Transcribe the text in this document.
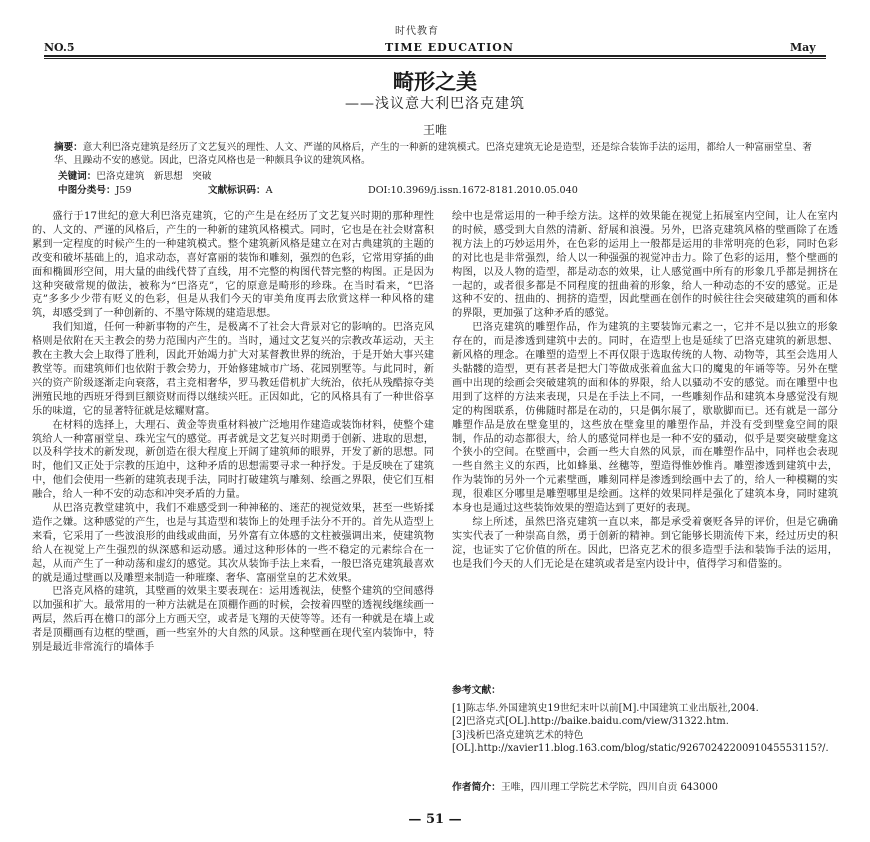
时代教育
NO.5	TIME EDUCATION	May
畸形之美
——浅议意大利巴洛克建筑
王唯
摘要：意大利巴洛克建筑是经历了文艺复兴的理性、人文、严谨的风格后，产生的一种新的建筑模式。巴洛克建筑无论是造型，还是综合装饰手法的运用，都给人一种富丽堂皇、奢华、且躁动不安的感觉。因此，巴洛克风格也是一种颇具争议的建筑风格。
关键词：巴洛克建筑　新思想　突破
中图分类号：J59	文献标识码：A	DOI:10.3969/j.issn.1672-8181.2010.05.040

盛行于17世纪的意大利巴洛克建筑，它的产生是在经历了文艺复兴时期的那种理性的、人文的、严谨的风格后，产生的一种新的建筑风格模式。同时，它也是在社会财富积累到一定程度的时候产生的一种建筑模式。整个建筑新风格是建立在对古典建筑的主题的改变和破坏基础上的，追求动态，喜好富丽的装饰和雕刻，强烈的色彩，它常用穿插的曲面和椭圆形空间，用大量的曲线代替了直线，用不完整的构图代替完整的构图。正是因为这种突破常规的做法，被称为“巴洛克”，它的原意是畸形的珍珠。在当时看来，“巴洛克”多多少少带有贬义的色彩，但是从我们今天的审美角度再去欣赏这样一种风格的建筑，却感受到了一种创新的、不墨守陈规的建造思想。

我们知道，任何一种新事物的产生，是极离不了社会大背景对它的影响的。巴洛克风格则是依附在天主教会的势力范围内产生的。当时，通过文艺复兴的宗教改革运动，天主教在主教大会上取得了胜利，因此开始竭力扩大对某督教世界的统治，于是开始大事兴建教堂等。而建筑师们也依附于教会势力，开始修建城市广场、花园别墅等。与此同时，新兴的资产阶级逐渐走向衰落，君主竞相奢华，罗马教廷借机扩大统治，依托从残酷掠夺美洲殖民地的西班牙得到巨额资财而得以继续兴旺。正因如此，它的风格具有了一种世俗享乐的味道，它的显著特征就是炫耀财富。

在材料的选择上，大理石、黄金等贵重材料被广泛地用作建造或装饰材料，使整个建筑给人一种富丽堂皇、珠光宝气的感觉。再者就是文艺复兴时期勇于创新、进取的思想，以及科学技术的新发现，新创造在很大程度上开阔了建筑师的眼界，开发了新的思想。同时，他们又正处于宗教的压迫中，这种矛盾的思想需要寻求一种抒发。于是反映在了建筑中，他们会使用一些新的建筑表现手法，同时打破建筑与雕刻、绘画之界限，使它们互相融合，给人一种不安的动态和冲突矛盾的力量。

从巴洛克教堂建筑中，我们不难感受到一种神秘的、迷茫的视觉效果，甚至一些矫揉造作之嫌。这种感觉的产生，也是与其造型和装饰上的处理手法分不开的。首先从造型上来看，它采用了一些波浪形的曲线或曲面，另外富有立体感的文柱被强调出来，使建筑物给人在视觉上产生强烈的纵深感和运动感。通过这种形体的一些不稳定的元素综合在一起，从而产生了一种动荡和虚幻的感觉。其次从装饰手法上来看，一般巴洛克建筑最喜欢的就是通过壁画以及雕塑来制造一种璀璨、奢华、富丽堂皇的艺术效果。

巴洛克风格的建筑，其壁画的效果主要表现在：运用透视法，使整个建筑的空间感得以加强和扩大。最常用的一种方法就是在顶棚作画的时候，会按着四壁的透视线继续画一两层，然后再在檐口的部分上方画天空，或者是飞翔的天使等等。还有一种就是在墙上或者是顶棚画有边框的壁画，画一些室外的大自然的风景。这种壁画在现代室内装饰中，特别是最近非常流行的墙体手

绘中也是常运用的一种手绘方法。这样的效果能在视觉上拓展室内空间，让人在室内的时候，感受到大自然的清新、舒展和浪漫。另外，巴洛克建筑风格的壁画除了在透视方法上的巧妙运用外，在色彩的运用上一般都是运用的非常明亮的色彩，同时色彩的对比也是非常强烈，给人以一种强强的视觉冲击力。除了色彩的运用，整个壁画的构图，以及人物的造型，都是动态的效果，让人感觉画中所有的形象几乎都是拥挤在一起的，或者很多都是不同程度的扭曲着的形象，给人一种动态的不安的感觉。正是这种不安的、扭曲的、拥挤的造型，因此壁画在创作的时候往往会突破建筑的画和体的界限，更加强了这种矛盾的感觉。

巴洛克建筑的雕塑作品，作为建筑的主要装饰元素之一，它并不是以独立的形象存在的，而是渗透到建筑中去的。同时，在造型上也是延续了巴洛克建筑的新思想、新风格的理念。在雕塑的造型上不再仅限于选取传统的人物、动物等，其至会选用人头骷髅的造型，更有甚者是把大门等做成张着血盆大口的魔鬼的年诵等等。另外在壁画中出现的绘画会突破建筑的面和体的界限，给人以骚动不安的感觉。而在雕塑中也用到了这样的方法来表现，只是在手法上不同，一些雕刻作品和建筑本身感觉没有规定的构图联系，仿佛随时都是在动的，只是偶尔展了，歇歇脚而已。还有就是一部分雕塑作品是放在壁龛里的，这些放在壁龛里的雕塑作品，并没有受到壁龛空间的限制，作品的动态都很大，给人的感觉同样也是一种不安的骚动，似乎是要突破壁龛这个狭小的空间。在壁画中，会画一些大自然的风景，而在雕塑作品中，同样也会表现一些自然主义的东西，比如蜂巢、丝穗等，塑造得惟妙惟肖。雕塑渗透到建筑中去，作为装饰的另外一个元素壁画，雕刻同样是渗透到绘画中去了的，给人一种模糊的实现，很难区分哪里是雕塑哪里是绘画。这样的效果同样是强化了建筑本身，同时建筑本身也是通过这些装饰效果的塑造达到了更好的表现。

综上所述，虽然巴洛克建筑一直以来，都是承受着褒贬各异的评价，但是它确确实实代表了一种崇高自然，勇于创新的精神。到它能够长期流传下来，经过历史的积淀，也证实了它价值的所在。因此，巴洛克艺术的很多造型手法和装饰手法的运用，也是我们今天的人们无论是在建筑或者是室内设计中，值得学习和借鉴的。

参考文献：
[1]陈志华.外国建筑史19世纪末叶以前[M].中国建筑工业出版社,2004.
[2]巴洛克式[OL].http://baike.baidu.com/view/31322.htm.
[3]浅析巴洛克建筑艺术的特色[OL].http://xavier11.blog.163.com/blog/static/9267024220091045553115?/.
作者简介：王唯，四川理工学院艺术学院，四川自贡 643000
— 51 —
